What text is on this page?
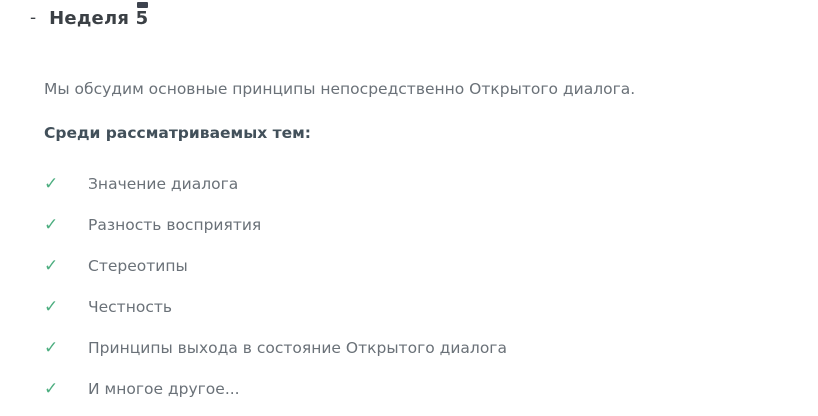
- Неделя 5

Мы обсудим основные принципы непосредственно Открытого диалога.

Среди рассматриваемых тем:

✓	Значение диалога
✓	Разность восприятия
✓	Стереотипы
✓	Честность
✓	Принципы выхода в состояние Открытого диалога
✓	И многое другое...
